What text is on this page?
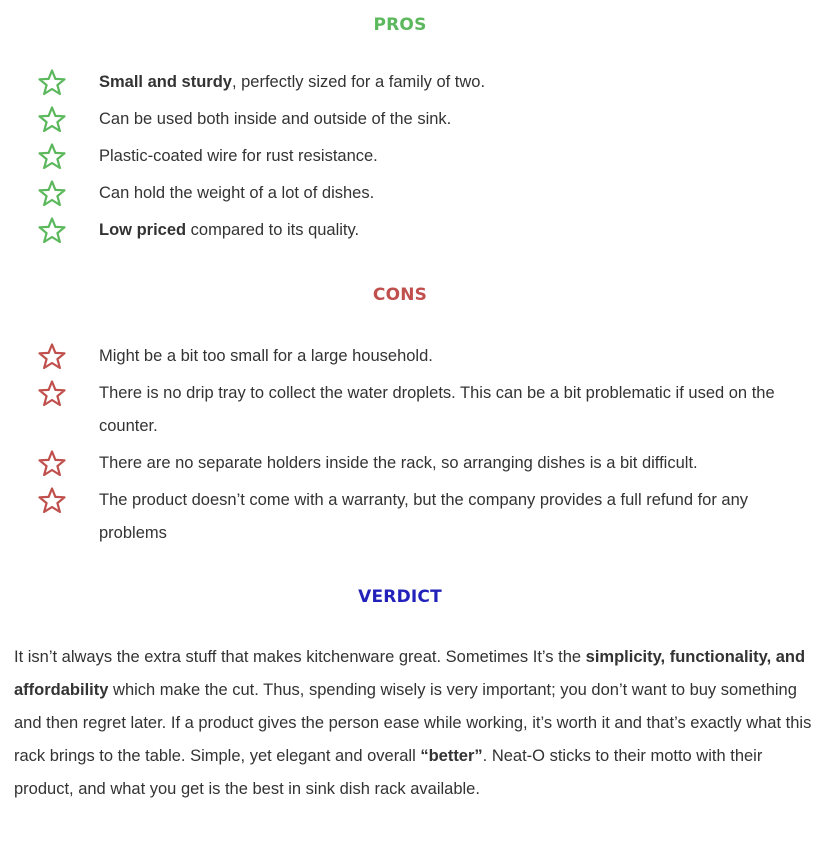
PROS
Small and sturdy, perfectly sized for a family of two.
Can be used both inside and outside of the sink.
Plastic-coated wire for rust resistance.
Can hold the weight of a lot of dishes.
Low priced compared to its quality.
CONS
Might be a bit too small for a large household.
There is no drip tray to collect the water droplets. This can be a bit problematic if used on the counter.
There are no separate holders inside the rack, so arranging dishes is a bit difficult.
The product doesn’t come with a warranty, but the company provides a full refund for any problems
VERDICT

It isn’t always the extra stuff that makes kitchenware great. Sometimes It’s the simplicity, functionality, and affordability which make the cut. Thus, spending wisely is very important; you don’t want to buy something and then regret later. If a product gives the person ease while working, it’s worth it and that’s exactly what this rack brings to the table. Simple, yet elegant and overall “better”. Neat-O sticks to their motto with their product, and what you get is the best in sink dish rack available.
